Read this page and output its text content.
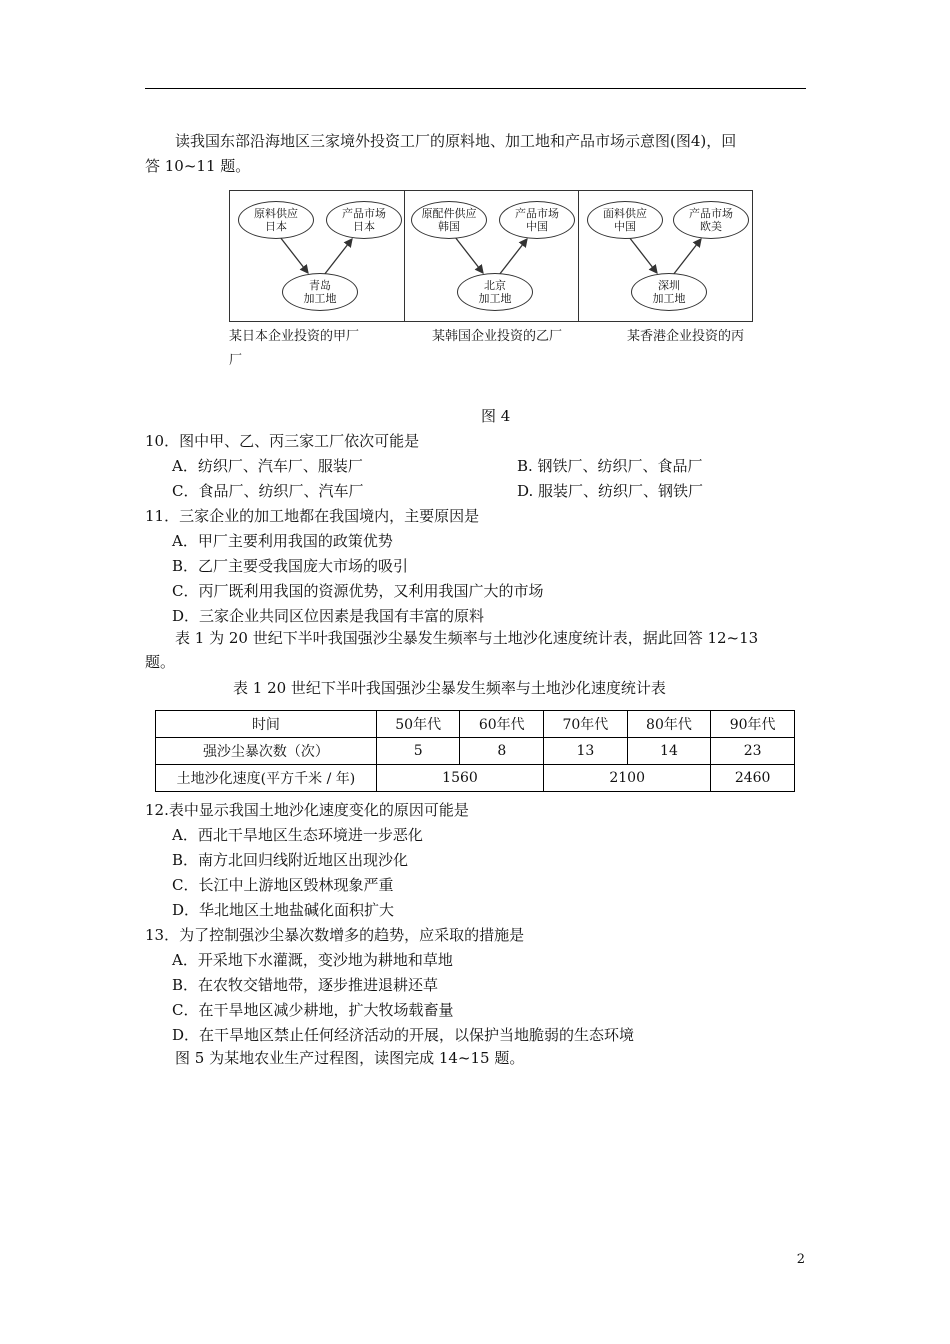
读我国东部沿海地区三家境外投资工厂的原料地、加工地和产品市场示意图(图4)，回
答 10~11 题。
原料供应
日本
产品市场
日本
青岛
加工地
原配件供应
韩国
产品市场
中国
北京
加工地
面料供应
中国
产品市场
欧美
深圳
加工地
某日本企业投资的甲厂
厂
某韩国企业投资的乙厂	某香港企业投资的丙
图 4
10．图中甲、乙、丙三家工厂依次可能是
A．纺织厂、汽车厂、服装厂	B. 钢铁厂、纺织厂、食品厂
C．食品厂、纺织厂、汽车厂	D. 服装厂、纺织厂、钢铁厂
11．三家企业的加工地都在我国境内，主要原因是
A．甲厂主要利用我国的政策优势
B．乙厂主要受我国庞大市场的吸引
C．丙厂既利用我国的资源优势，又利用我国广大的市场
D．三家企业共同区位因素是我国有丰富的原料
表 1 为 20 世纪下半叶我国强沙尘暴发生频率与土地沙化速度统计表，据此回答 12~13
题。
表 1 20 世纪下半叶我国强沙尘暴发生频率与土地沙化速度统计表
时间	50年代	60年代	70年代	80年代	90年代
强沙尘暴次数（次）	5	8	13	14	23
土地沙化速度(平方千米 / 年)	1560		2100		2460
12.表中显示我国土地沙化速度变化的原因可能是
A．西北干旱地区生态环境进一步恶化
B．南方北回归线附近地区出现沙化
C．长江中上游地区毁林现象严重
D．华北地区土地盐碱化面积扩大
13．为了控制强沙尘暴次数增多的趋势，应采取的措施是
A．开采地下水灌溉，变沙地为耕地和草地
B．在农牧交错地带，逐步推进退耕还草
C．在干旱地区减少耕地，扩大牧场载畜量
D．在干旱地区禁止任何经济活动的开展，以保护当地脆弱的生态环境
图 5 为某地农业生产过程图，读图完成 14~15 题。
2
